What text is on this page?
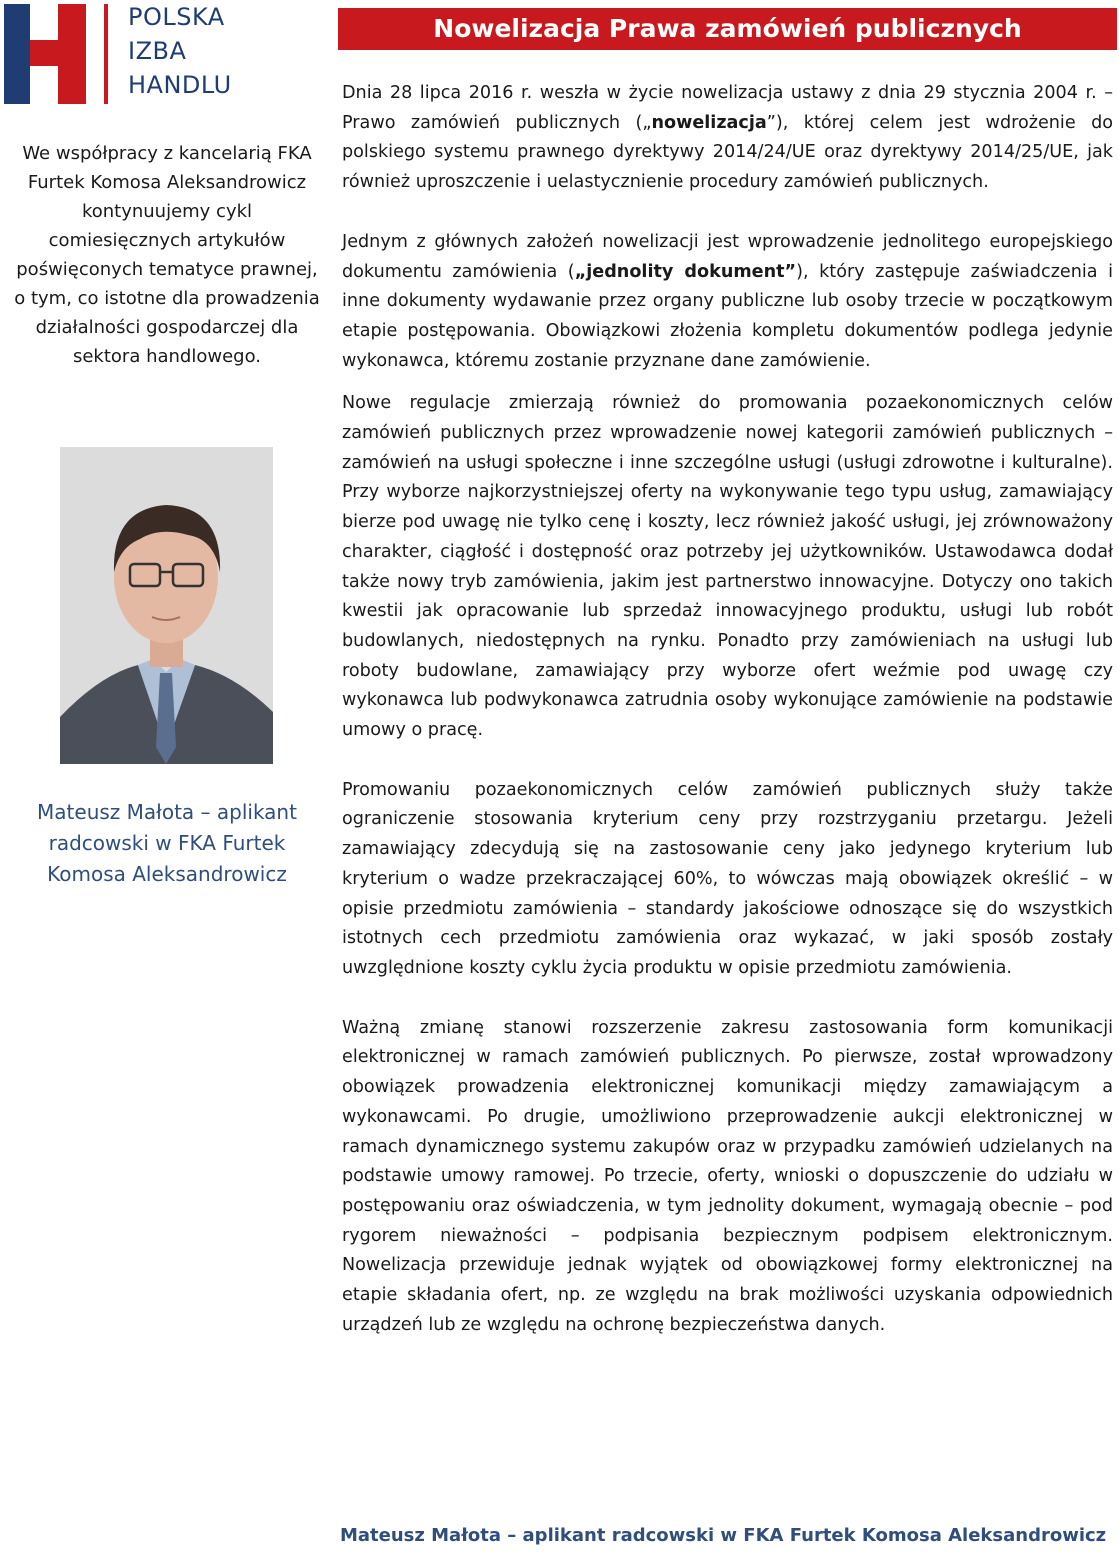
POLSKA
IZBA
HANDLU
We współpracy z kancelarią FKA Furtek Komosa Aleksandrowicz kontynuujemy cykl comiesięcznych artykułów poświęconych tematyce prawnej, o tym, co istotne dla prowadzenia działalności gospodarczej dla sektora handlowego.
Mateusz Małota – aplikant radcowski w FKA Furtek Komosa Aleksandrowicz
Nowelizacja Prawa zamówień publicznych

Dnia 28 lipca 2016 r. weszła w życie nowelizacja ustawy z dnia 29 stycznia 2004 r. – Prawo zamówień publicznych („nowelizacja”), której celem jest wdrożenie do polskiego systemu prawnego dyrektywy 2014/24/UE oraz dyrektywy 2014/25/UE, jak również uproszczenie i uelastycznienie procedury zamówień publicznych.

Jednym z głównych założeń nowelizacji jest wprowadzenie jednolitego europejskiego dokumentu zamówienia („jednolity dokument”), który zastępuje zaświadczenia i inne dokumenty wydawanie przez organy publiczne lub osoby trzecie w początkowym etapie postępowania. Obowiązkowi złożenia kompletu dokumentów podlega jedynie wykonawca, któremu zostanie przyznane dane zamówienie.

Nowe regulacje zmierzają również do promowania pozaekonomicznych celów zamówień publicznych przez wprowadzenie nowej kategorii zamówień publicznych – zamówień na usługi społeczne i inne szczególne usługi (usługi zdrowotne i kulturalne). Przy wyborze najkorzystniejszej oferty na wykonywanie tego typu usług, zamawiający bierze pod uwagę nie tylko cenę i koszty, lecz również jakość usługi, jej zrównoważony charakter, ciągłość i dostępność oraz potrzeby jej użytkowników. Ustawodawca dodał także nowy tryb zamówienia, jakim jest partnerstwo innowacyjne. Dotyczy ono takich kwestii jak opracowanie lub sprzedaż innowacyjnego produktu, usługi lub robót budowlanych, niedostępnych na rynku. Ponadto przy zamówieniach na usługi lub roboty budowlane, zamawiający przy wyborze ofert weźmie pod uwagę czy wykonawca lub podwykonawca zatrudnia osoby wykonujące zamówienie na podstawie umowy o pracę.

Promowaniu pozaekonomicznych celów zamówień publicznych służy także ograniczenie stosowania kryterium ceny przy rozstrzyganiu przetargu. Jeżeli zamawiający zdecydują się na zastosowanie ceny jako jedynego kryterium lub kryterium o wadze przekraczającej 60%, to wówczas mają obowiązek określić – w opisie przedmiotu zamówienia – standardy jakościowe odnoszące się do wszystkich istotnych cech przedmiotu zamówienia oraz wykazać, w jaki sposób zostały uwzględnione koszty cyklu życia produktu w opisie przedmiotu zamówienia.

Ważną zmianę stanowi rozszerzenie zakresu zastosowania form komunikacji elektronicznej w ramach zamówień publicznych. Po pierwsze, został wprowadzony obowiązek prowadzenia elektronicznej komunikacji między zamawiającym a wykonawcami. Po drugie, umożliwiono przeprowadzenie aukcji elektronicznej w ramach dynamicznego systemu zakupów oraz w przypadku zamówień udzielanych na podstawie umowy ramowej. Po trzecie, oferty, wnioski o dopuszczenie do udziału w postępowaniu oraz oświadczenia, w tym jednolity dokument, wymagają obecnie – pod rygorem nieważności – podpisania bezpiecznym podpisem elektronicznym. Nowelizacja przewiduje jednak wyjątek od obowiązkowej formy elektronicznej na etapie składania ofert, np. ze względu na brak możliwości uzyskania odpowiednich urządzeń lub ze względu na ochronę bezpieczeństwa danych.

Mateusz Małota – aplikant radcowski w FKA Furtek Komosa Aleksandrowicz
